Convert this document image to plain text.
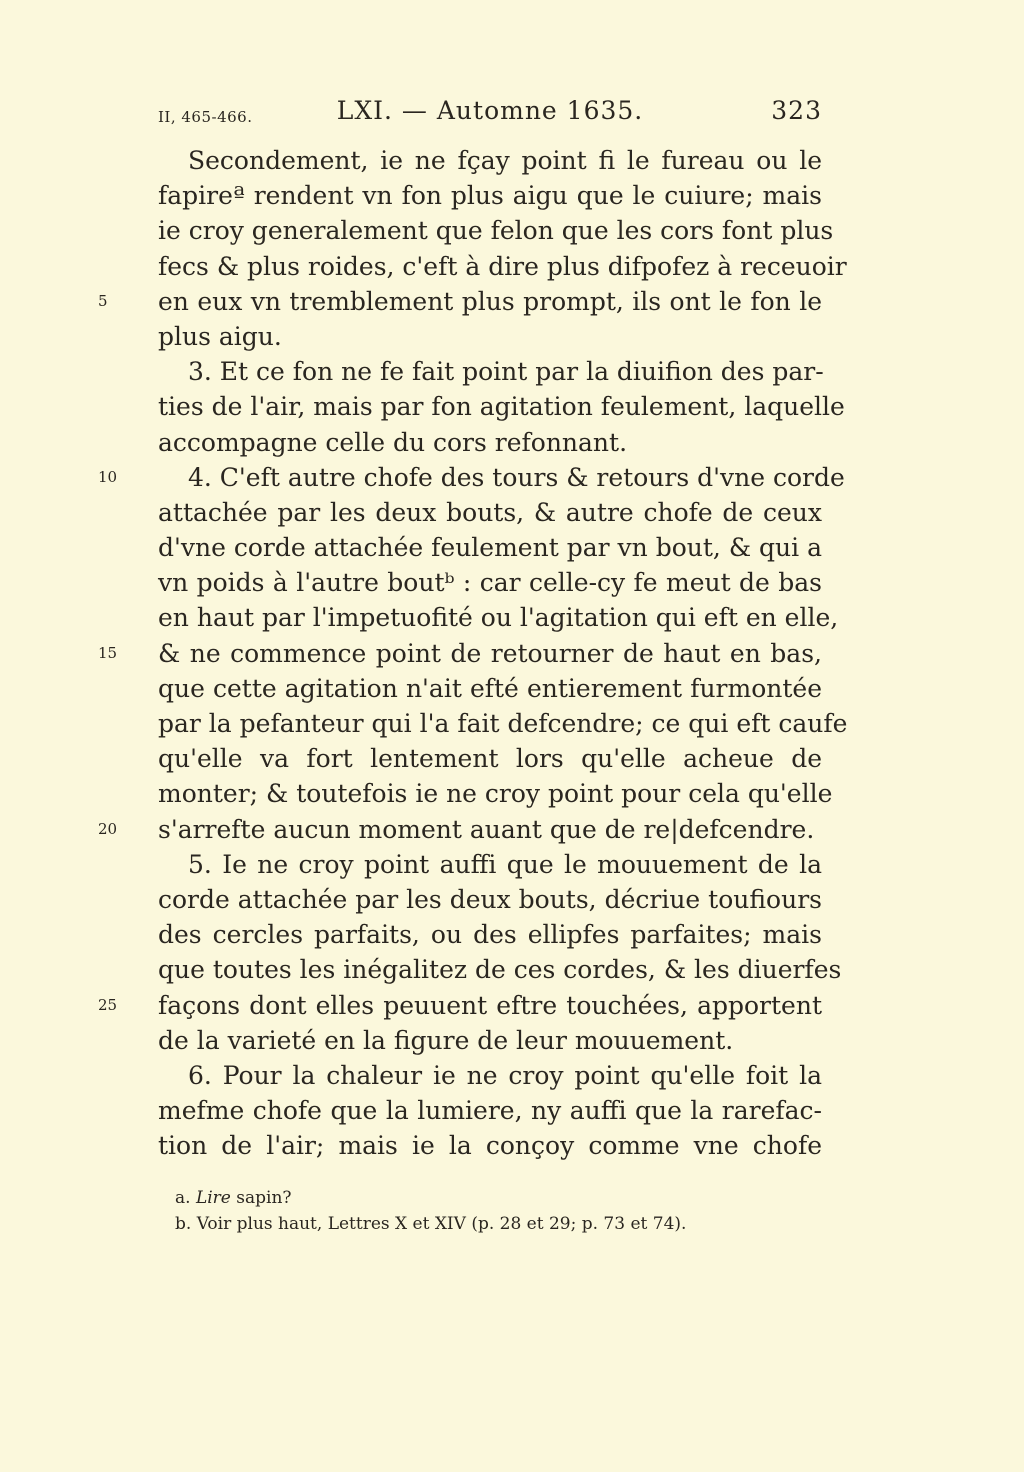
II, 465-466.	LXI. — Automne 1635.	323
Secondement, ie ne fçay point fi le fureau ou le
fapireª rendent vn fon plus aigu que le cuiure; mais
ie croy generalement que felon que les cors font plus
fecs & plus roides, c'eft à dire plus difpofez à receuoir
5	en eux vn tremblement plus prompt, ils ont le fon le
plus aigu.
3. Et ce fon ne fe fait point par la diuifion des par-
ties de l'air, mais par fon agitation feulement, laquelle
accompagne celle du cors refonnant.
10	4. C'eft autre chofe des tours & retours d'vne corde
attachée par les deux bouts, & autre chofe de ceux
d'vne corde attachée feulement par vn bout, & qui a
vn poids à l'autre boutᵇ : car celle-cy fe meut de bas
en haut par l'impetuofité ou l'agitation qui eft en elle,
15 & ne commence point de retourner de haut en bas,
que cette agitation n'ait efté entierement furmontée
par la pefanteur qui l'a fait defcendre; ce qui eft caufe
qu'elle va fort lentement lors qu'elle acheue de
monter; & toutefois ie ne croy point pour cela qu'elle
20 s'arrefte aucun moment auant que de re|defcendre.
5. Ie ne croy point auffi que le mouuement de la
corde attachée par les deux bouts, décriue toufiours
des cercles parfaits, ou des ellipfes parfaites; mais
que toutes les inégalitez de ces cordes, & les diuerfes
25 façons dont elles peuuent eftre touchées, apportent
de la varieté en la figure de leur mouuement.
6. Pour la chaleur ie ne croy point qu'elle foit la
mefme chofe que la lumiere, ny auffi que la rarefac-
tion de l'air; mais ie la conçoy comme vne chofe
a. Lire sapin?
b. Voir plus haut, Lettres X et XIV (p. 28 et 29; p. 73 et 74).
